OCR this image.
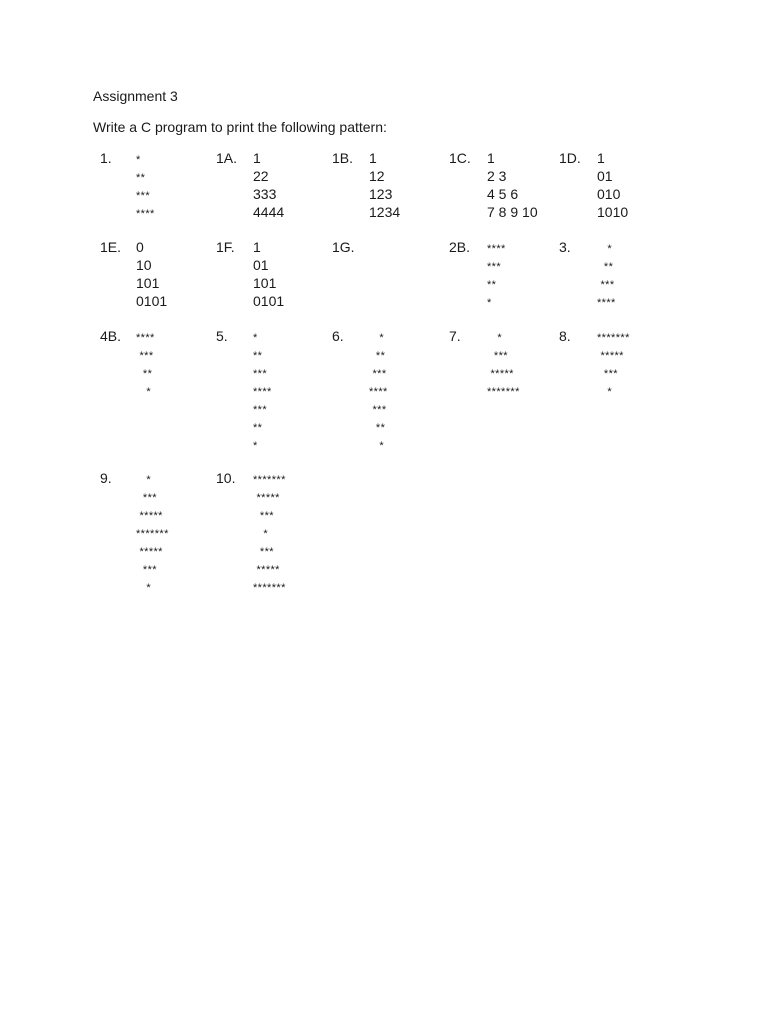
Assignment 3
Write a C program to print the following pattern:
1. *
**
***
****
1A. 1
22
333
4444
1B. 1
12
123
1234
1C. 1
2 3
4 5 6
7 8 9 10
1D. 1
01
010
1010
1E. 0
10
101
0101
1F. 1
01
101
0101
1G.	2B. ****
***
**
*
3. *
**
***
****
4B. ****
***
**
*
5. *
**
***
****
***
**
*
6. *
**
***
****
***
**
*
7. *
***
*****
*******
8. *******
*****
***
*
9. *
***
*****
*******
*****
***
*
10. *******
*****
***
*
***
*****
*******
